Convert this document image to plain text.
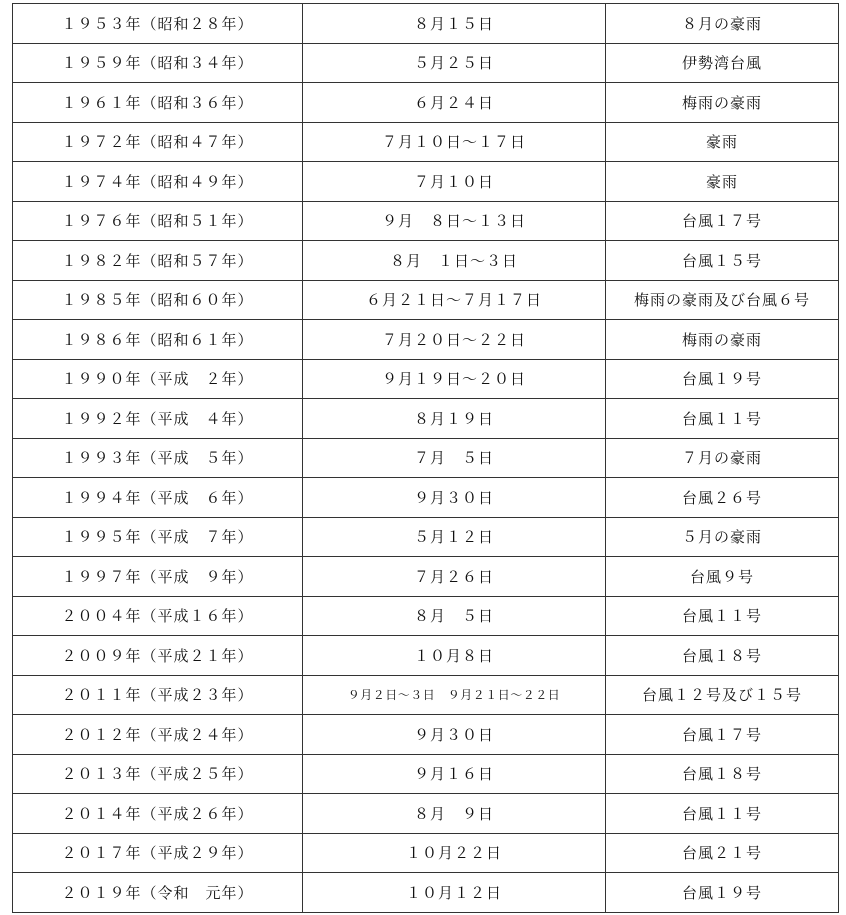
１９５３年（昭和２８年）	８月１５日	８月の豪雨
１９５９年（昭和３４年）	５月２５日	伊勢湾台風
１９６１年（昭和３６年）	６月２４日	梅雨の豪雨
１９７２年（昭和４７年）	７月１０日～１７日	豪雨
１９７４年（昭和４９年）	７月１０日	豪雨
１９７６年（昭和５１年）	９月　８日～１３日	台風１７号
１９８２年（昭和５７年）	８月　１日～３日	台風１５号
１９８５年（昭和６０年）	６月２１日～７月１７日	梅雨の豪雨及び台風６号
１９８６年（昭和６１年）	７月２０日～２２日	梅雨の豪雨
１９９０年（平成　２年）	９月１９日～２０日	台風１９号
１９９２年（平成　４年）	８月１９日	台風１１号
１９９３年（平成　５年）	７月　５日	７月の豪雨
１９９４年（平成　６年）	９月３０日	台風２６号
１９９５年（平成　７年）	５月１２日	５月の豪雨
１９９７年（平成　９年）	７月２６日	台風９号
２００４年（平成１６年）	８月　５日	台風１１号
２００９年（平成２１年）	１０月８日	台風１８号
２０１１年（平成２３年）	９月２日～３日　９月２１日～２２日	台風１２号及び１５号
２０１２年（平成２４年）	９月３０日	台風１７号
２０１３年（平成２５年）	９月１６日	台風１８号
２０１４年（平成２６年）	８月　９日	台風１１号
２０１７年（平成２９年）	１０月２２日	台風２１号
２０１９年（令和　元年）	１０月１２日	台風１９号
